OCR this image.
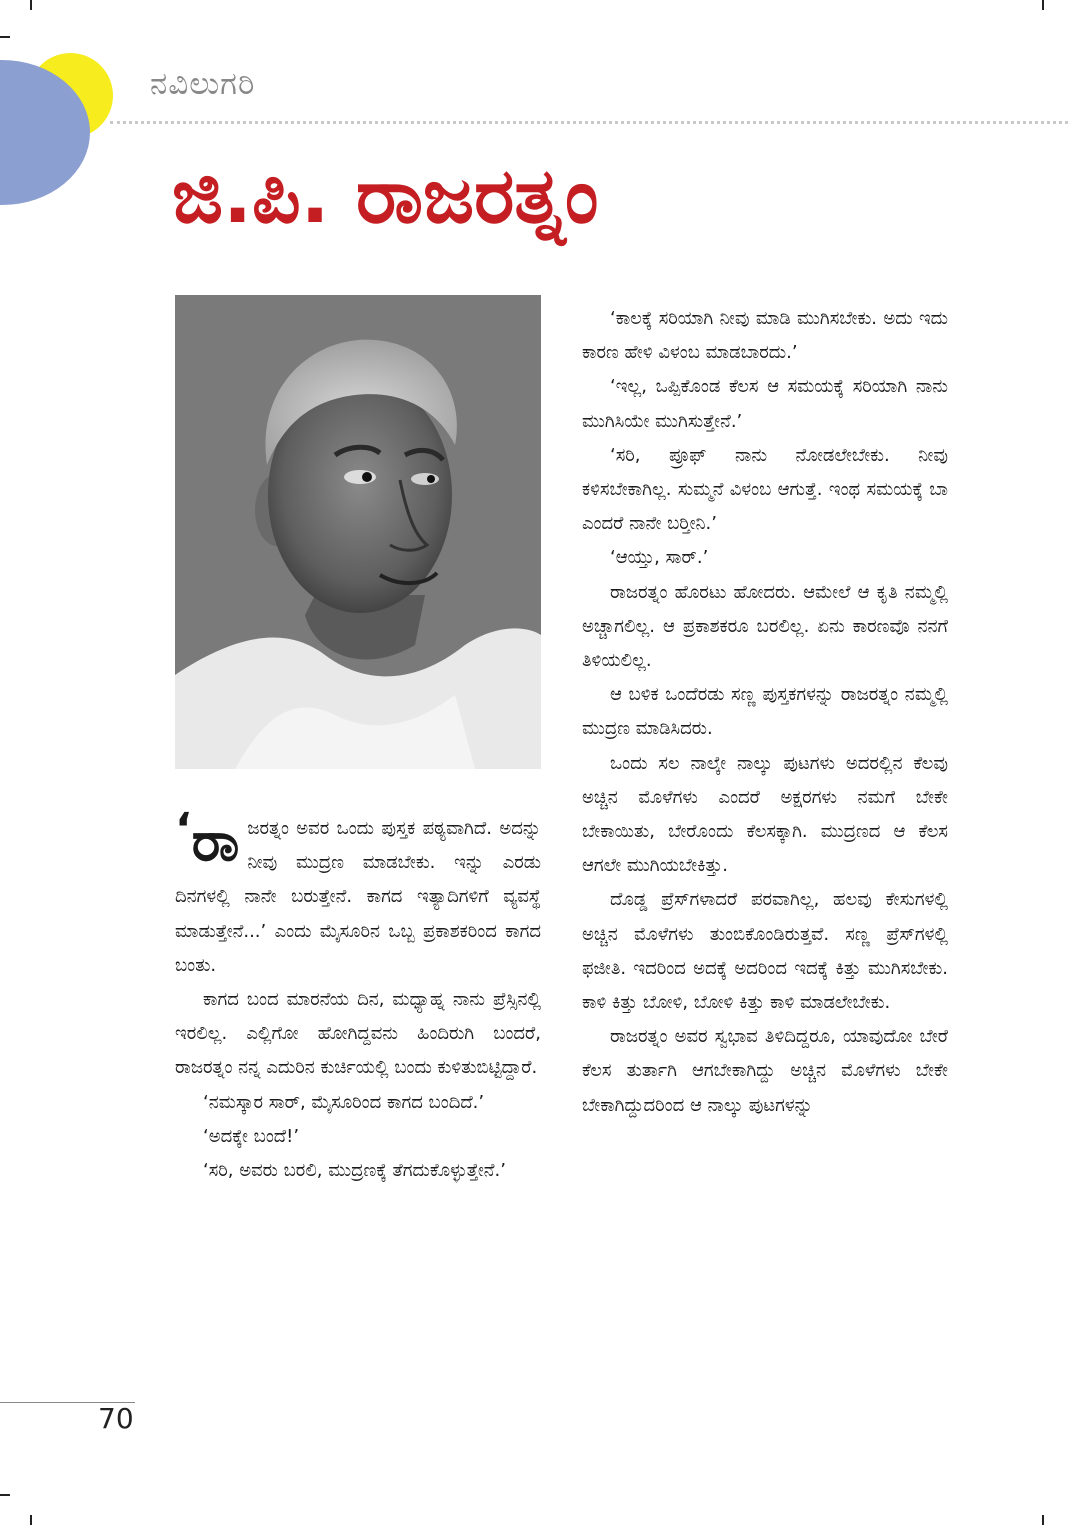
ನವಿಲುಗರಿ
ಜಿ.ಪಿ. ರಾಜರತ್ನಂ

‘ ರಾ ಜರತ್ನಂ ಅವರ ಒಂದು ಪುಸ್ತಕ ಪಠ್ಯವಾಗಿದೆ. ಅದನ್ನು ನೀವು ಮುದ್ರಣ ಮಾಡಬೇಕು. ಇನ್ನು ಎರಡು ದಿನಗಳಲ್ಲಿ ನಾನೇ ಬರುತ್ತೇನೆ. ಕಾಗದ ಇತ್ಯಾದಿಗಳಿಗೆ ವ್ಯವಸ್ಥೆ ಮಾಡುತ್ತೇನೆ...’ ಎಂದು ಮೈಸೂರಿನ ಒಬ್ಬ ಪ್ರಕಾಶಕರಿಂದ ಕಾಗದ ಬಂತು.

ಕಾಗದ ಬಂದ ಮಾರನೆಯ ದಿನ, ಮಧ್ಯಾಹ್ನ ನಾನು ಪ್ರೆಸ್ಸಿನಲ್ಲಿ ಇರಲಿಲ್ಲ. ಎಲ್ಲಿಗೋ ಹೋಗಿದ್ದವನು ಹಿಂದಿರುಗಿ ಬಂದರೆ, ರಾಜರತ್ನಂ ನನ್ನ ಎದುರಿನ ಕುರ್ಚಿಯಲ್ಲಿ ಬಂದು ಕುಳಿತುಬಿಟ್ಟಿದ್ದಾರೆ.

‘ನಮಸ್ಕಾರ ಸಾರ್, ಮೈಸೂರಿಂದ ಕಾಗದ ಬಂದಿದೆ.’

‘ಅದಕ್ಕೇ ಬಂದೆ!’

‘ಸರಿ, ಅವರು ಬರಲಿ, ಮುದ್ರಣಕ್ಕೆ ತೆಗದುಕೊಳ್ಳುತ್ತೇನೆ.’

‘ಕಾಲಕ್ಕೆ ಸರಿಯಾಗಿ ನೀವು ಮಾಡಿ ಮುಗಿಸಬೇಕು. ಅದು ಇದು ಕಾರಣ ಹೇಳಿ ವಿಳಂಬ ಮಾಡಬಾರದು.’

‘ಇಲ್ಲ, ಒಪ್ಪಿಕೊಂಡ ಕೆಲಸ ಆ ಸಮಯಕ್ಕೆ ಸರಿಯಾಗಿ ನಾನು ಮುಗಿಸಿಯೇ ಮುಗಿಸುತ್ತೇನೆ.’

‘ಸರಿ, ಪ್ರೂಫ್ ನಾನು ನೋಡಲೇಬೇಕು. ನೀವು ಕಳಿಸಬೇಕಾಗಿಲ್ಲ. ಸುಮ್ಮನೆ ವಿಳಂಬ ಆಗುತ್ತೆ. ಇಂಥ ಸಮಯಕ್ಕೆ ಬಾ ಎಂದರೆ ನಾನೇ ಬರ್‍ತೀನಿ.’

‘ಆಯ್ತು, ಸಾರ್.’

ರಾಜರತ್ನಂ ಹೊರಟು ಹೋದರು. ಆಮೇಲೆ ಆ ಕೃತಿ ನಮ್ಮಲ್ಲಿ ಅಚ್ಚಾಗಲಿಲ್ಲ. ಆ ಪ್ರಕಾಶಕರೂ ಬರಲಿಲ್ಲ. ಏನು ಕಾರಣವೊ ನನಗೆ ತಿಳಿಯಲಿಲ್ಲ.

ಆ ಬಳಿಕ ಒಂದೆರಡು ಸಣ್ಣ ಪುಸ್ತಕಗಳನ್ನು ರಾಜರತ್ನಂ ನಮ್ಮಲ್ಲಿ ಮುದ್ರಣ ಮಾಡಿಸಿದರು.

ಒಂದು ಸಲ ನಾಲ್ಕೇ ನಾಲ್ಕು ಪುಟಗಳು ಅದರಲ್ಲಿನ ಕೆಲವು ಅಚ್ಚಿನ ಮೊಳೆಗಳು ಎಂದರೆ ಅಕ್ಷರಗಳು ನಮಗೆ ಬೇಕೇ ಬೇಕಾಯಿತು, ಬೇರೊಂದು ಕೆಲಸಕ್ಕಾಗಿ. ಮುದ್ರಣದ ಆ ಕೆಲಸ ಆಗಲೇ ಮುಗಿಯಬೇಕಿತ್ತು.

ದೊಡ್ಡ ಪ್ರೆಸ್‌ಗಳಾದರೆ ಪರವಾಗಿಲ್ಲ, ಹಲವು ಕೇಸುಗಳಲ್ಲಿ ಅಚ್ಚಿನ ಮೊಳೆಗಳು ತುಂಬಿಕೊಂಡಿರುತ್ತವೆ. ಸಣ್ಣ ಪ್ರೆಸ್‌ಗಳಲ್ಲಿ ಫಜೀತಿ. ಇದರಿಂದ ಅದಕ್ಕೆ ಅದರಿಂದ ಇದಕ್ಕೆ ಕಿತ್ತು ಮುಗಿಸಬೇಕು. ಕಾಳಿ ಕಿತ್ತು ಬೋಳಿ, ಬೋಳಿ ಕಿತ್ತು ಕಾಳಿ ಮಾಡಲೇಬೇಕು.

ರಾಜರತ್ನಂ ಅವರ ಸ್ವಭಾವ ತಿಳಿದಿದ್ದರೂ, ಯಾವುದೋ ಬೇರೆ ಕೆಲಸ ತುರ್ತಾಗಿ ಆಗಬೇಕಾಗಿದ್ದು ಅಚ್ಚಿನ ಮೊಳೆಗಳು ಬೇಕೇ ಬೇಕಾಗಿದ್ದುದರಿಂದ ಆ ನಾಲ್ಕು ಪುಟಗಳನ್ನು

70
